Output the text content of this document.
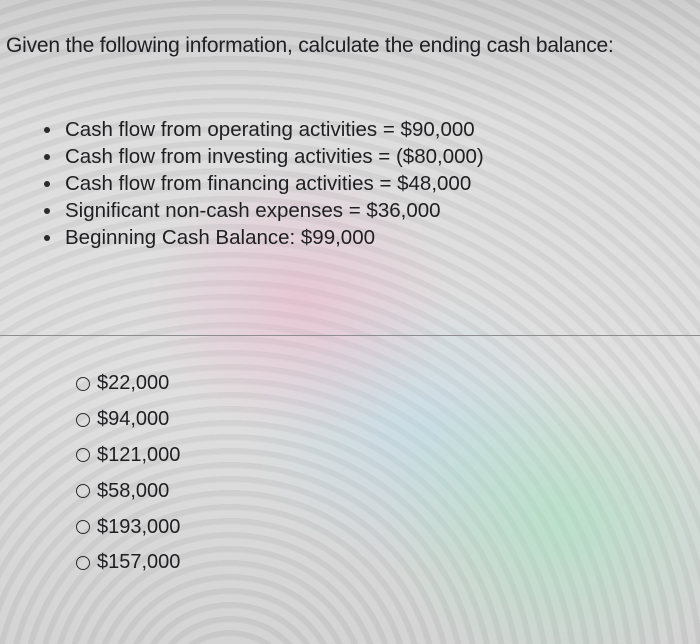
Given the following information, calculate the ending cash balance:
Cash flow from operating activities = $90,000
Cash flow from investing activities = ($80,000)
Cash flow from financing activities = $48,000
Significant non-cash expenses = $36,000
Beginning Cash Balance: $99,000
$22,000
$94,000
$121,000
$58,000
$193,000
$157,000
